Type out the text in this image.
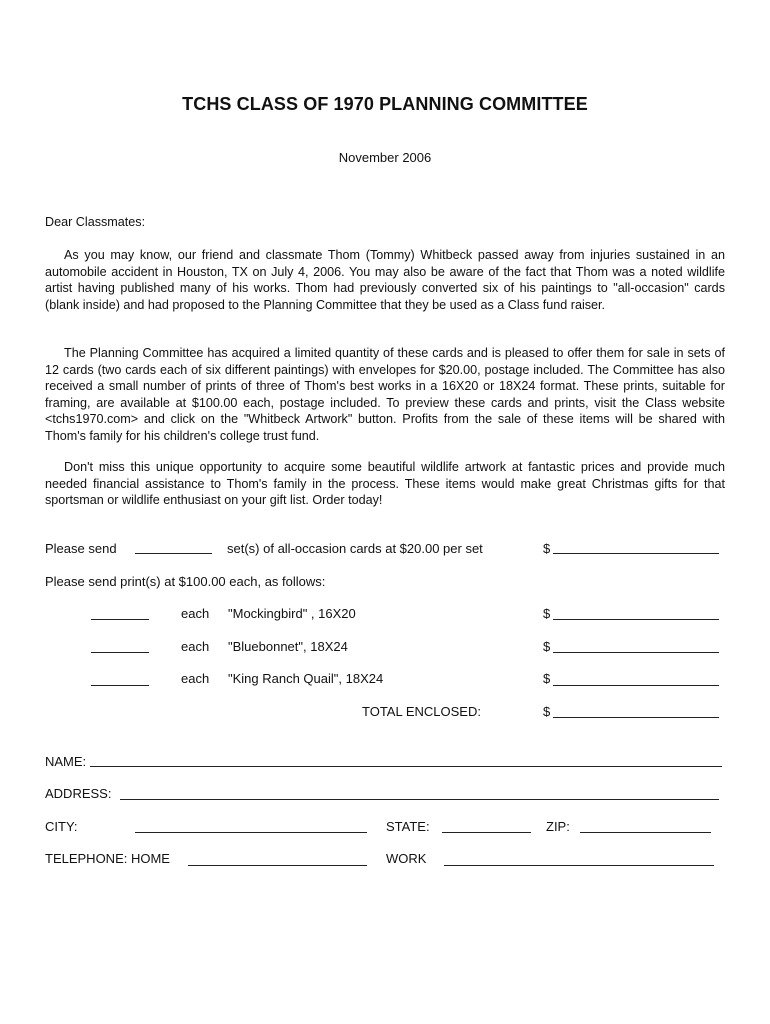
TCHS CLASS OF 1970 PLANNING COMMITTEE
November 2006
Dear Classmates:

As you may know, our friend and classmate Thom (Tommy) Whitbeck passed away from injuries sustained in an automobile accident in Houston, TX on July 4, 2006. You may also be aware of the fact that Thom was a noted wildlife artist having published many of his works. Thom had previously converted six of his paintings to "all-occasion" cards (blank inside) and had proposed to the Planning Committee that they be used as a Class fund raiser.

The Planning Committee has acquired a limited quantity of these cards and is pleased to offer them for sale in sets of 12 cards (two cards each of six different paintings) with envelopes for $20.00, postage included. The Committee has also received a small number of prints of three of Thom's best works in a 16X20 or 18X24 format. These prints, suitable for framing, are available at $100.00 each, postage included. To preview these cards and prints, visit the Class website <tchs1970.com> and click on the "Whitbeck Artwork" button. Profits from the sale of these items will be shared with Thom's family for his children's college trust fund.

Don't miss this unique opportunity to acquire some beautiful wildlife artwork at fantastic prices and provide much needed financial assistance to Thom's family in the process. These items would make great Christmas gifts for that sportsman or wildlife enthusiast on your gift list. Order today!

Please send	set(s) of all-occasion cards at $20.00 per set	$
Please send print(s) at $100.00 each, as follows:
each "Mockingbird" , 16X20	$
each "Bluebonnet", 18X24	$
each "King Ranch Quail", 18X24	$
TOTAL ENCLOSED:	$
NAME:
ADDRESS:
CITY:	STATE:	ZIP:
TELEPHONE: HOME	WORK
